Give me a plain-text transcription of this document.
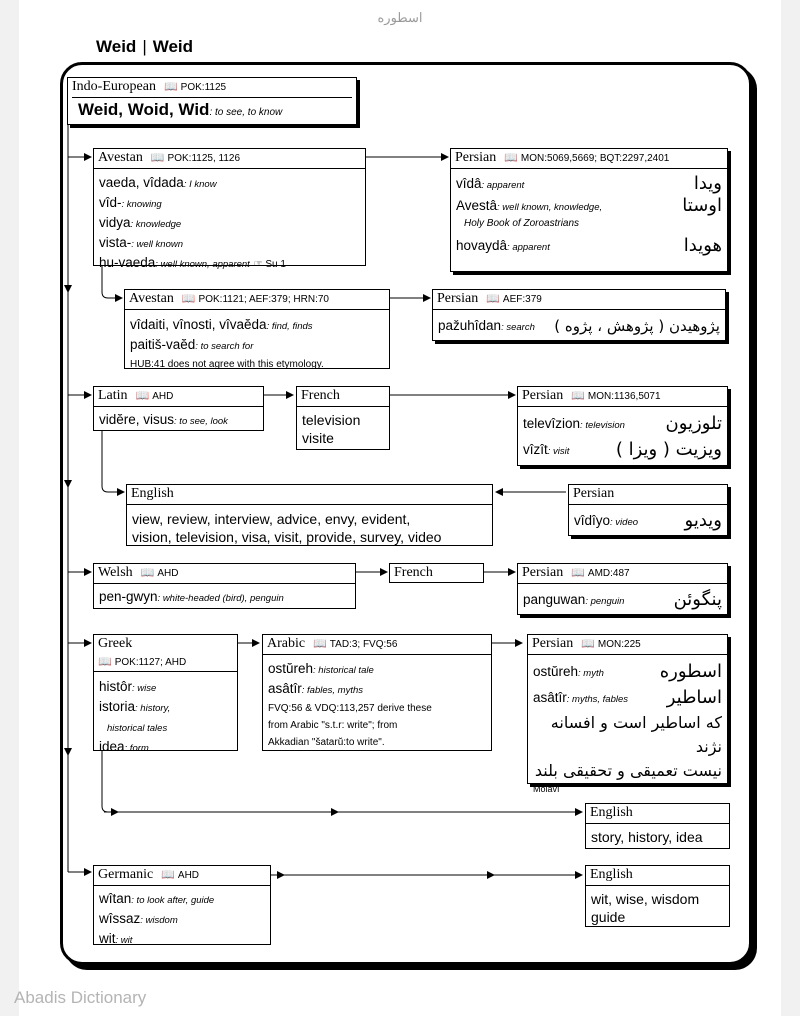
اسطوره
Weid | Weid
Indo-European 📖 POK:1125
Weid, Woid, Wid: to see, to know
Avestan 📖 POK:1125, 1126
vaeda, vîdada: I know
vîd-: knowing
vidya: knowledge
vista-: well known
hu-vaeda: well known, apparent ☞ Su 1
Persian 📖 MON:5069,5669; BQT:2297,2401
ویدا
vîdâ: apparent
اوستا
Avestâ: well known, knowledge,
Holy Book of Zoroastrians
هویدا
hovaydâ: apparent
Avestan 📖 POK:1121; AEF:379; HRN:70
vîdaiti, vînosti, vîvaĕda: find, finds
paitiš-vaĕd: to search for
HUB:41 does not agree with this etymology.
Persian 📖 AEF:379
پژوهیدن ( پژوهش ، پژوه )
pažuhîdan: search
Latin 📖 AHD
vidĕre, visus: to see, look
French
television
visite
Persian 📖 MON:1136,5071
تلوزیون
televîzion: television
ویزیت ( ویزا )
vîzît: visit
English
view, review, interview, advice, envy, evident,
vision, television, visa, visit, provide, survey, video
Persian
ویدیو
vîdîyo: video
Welsh 📖 AHD
pen-gwyn: white-headed (bird), penguin
French	Persian 📖 AMD:487
پنگوئن
panguwan: penguin
Greek
📖 POK:1127; AHD
histôr: wise
istoria: history,
historical tales
idea: form
Arabic 📖 TAD:3; FVQ:56
ostŭreh: historical tale
asâtîr: fables, myths
FVQ:56 & VDQ:113,257 derive these
from Arabic "s.t.r: write"; from
Akkadian "šatarŭ:to write".
Persian 📖 MON:225
اسطوره
ostŭreh: myth
اساطیر
asâtîr: myths, fables
که اساطیر است و افسانه نژند
نیست تعمیقی و تحقیقی بلند
Molavî
English
story, history, idea
Germanic 📖 AHD
wîtan: to look after, guide
wîssaz: wisdom
wit: wit
English
wit, wise, wisdom
guide
Abadis Dictionary
